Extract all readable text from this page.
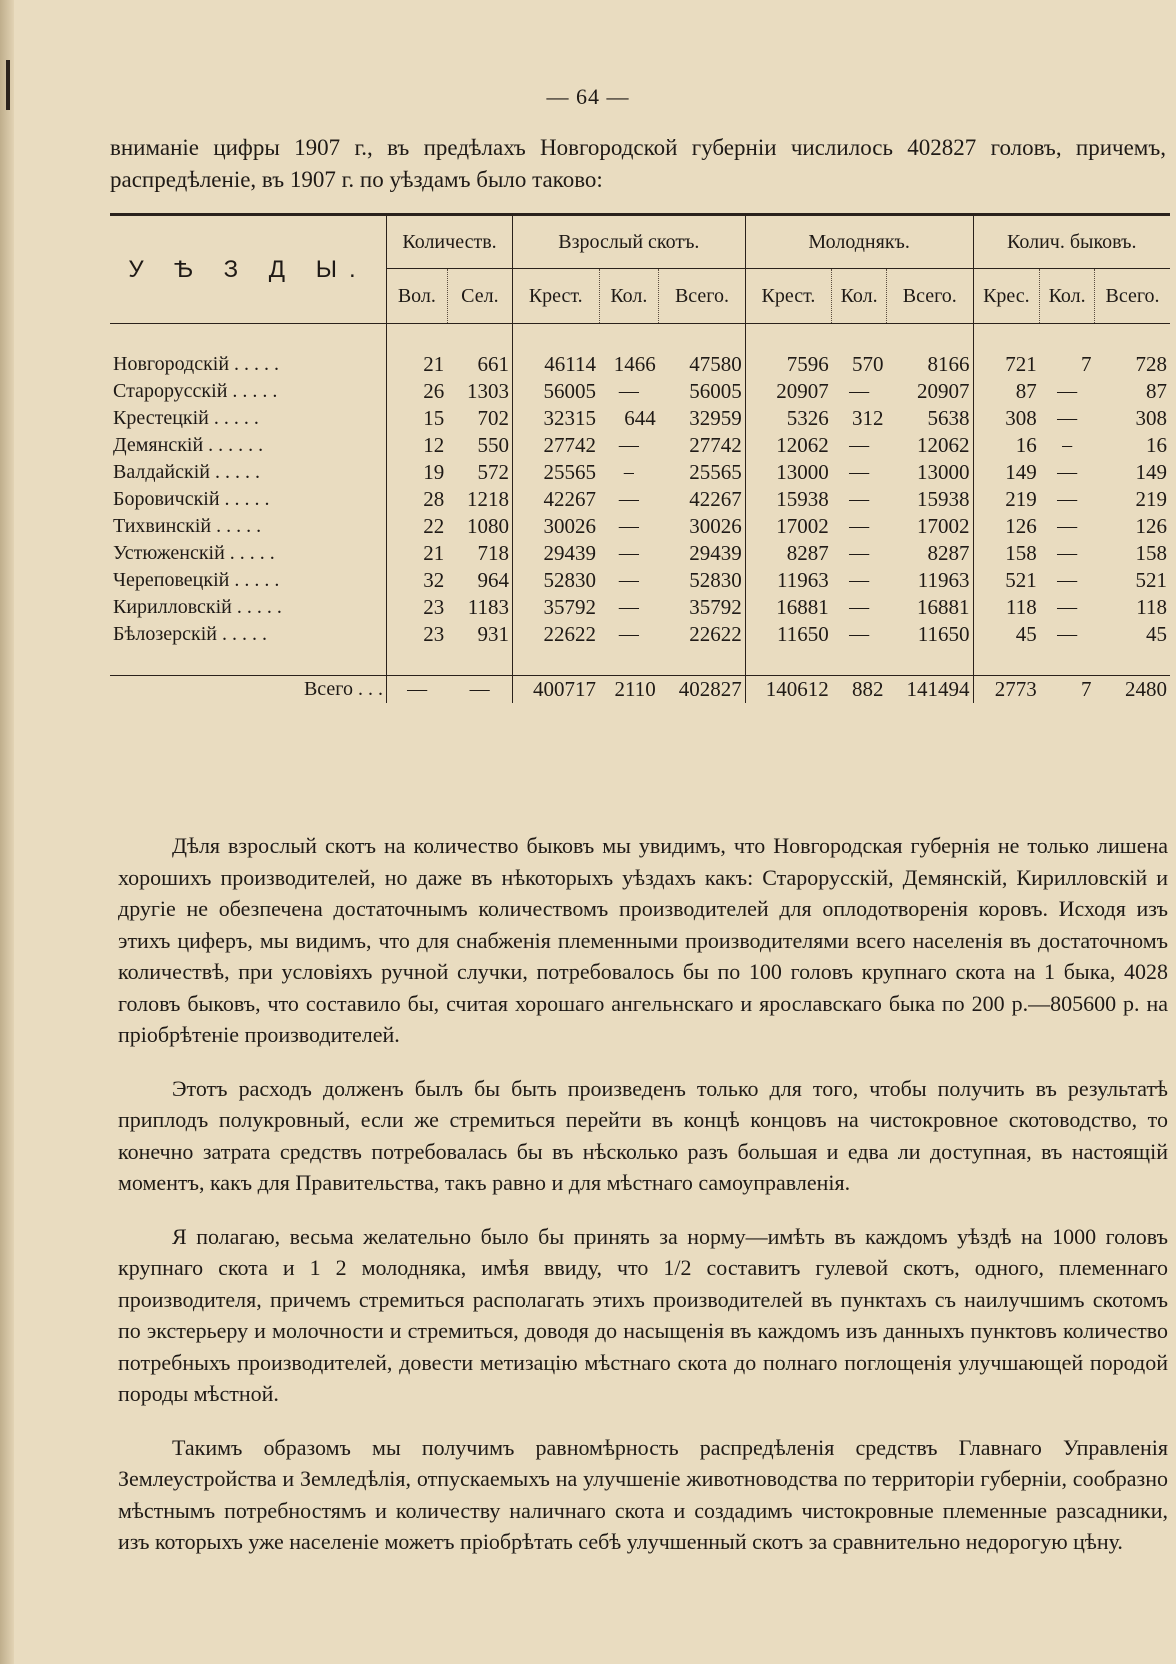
— 64 —

вниманіе цифры 1907 г., въ предѣлахъ Новгородской губерніи числилось 402827 головъ, причемъ, распредѣленіе, въ 1907 г. по уѣздамъ было таково:

У Ѣ З Д Ы.	Количеств.		Взрослый скотъ.			Молоднякъ.			Колич. быковъ.		
	Вол.	Сел.	Крест.	Кол.	Всего.	Крест.	Кол.	Всего.	Крес.	Кол.	Всего.

Новгородскій . . . . .	21	661	46114	1466	47580	7596	570	8166	721	7	728
Старорусскій . . . . .	26	1303	56005	—	56005	20907	—	20907	87	—	87
Крестецкій . . . . .	15	702	32315	644	32959	5326	312	5638	308	—	308
Демянскій . . . . . .	12	550	27742	—	27742	12062	—	12062	16	–	16
Валдайскій . . . . .	19	572	25565	–	25565	13000	—	13000	149	—	149
Боровичскій . . . . .	28	1218	42267	—	42267	15938	—	15938	219	—	219
Тихвинскій . . . . .	22	1080	30026	—	30026	17002	—	17002	126	—	126
Устюженскій . . . . .	21	718	29439	—	29439	8287	—	8287	158	—	158
Череповецкій . . . . .	32	964	52830	—	52830	11963	—	11963	521	—	521
Кирилловскій . . . . .	23	1183	35792	—	35792	16881	—	16881	118	—	118
Бѣлозерскій . . . . .	23	931	22622	—	22622	11650	—	11650	45	—	45

Всего . . .	—	—	400717	2110	402827	140612	882	141494	2773	7	2480

Дѣля взрослый скотъ на количество быковъ мы увидимъ, что Новгородская губернія не только лишена хорошихъ производителей, но даже въ нѣкоторыхъ уѣздахъ какъ: Старорусскій, Демянскій, Кирилловскій и другіе не обезпечена достаточнымъ количествомъ производителей для оплодотворенія коровъ. Исходя изъ этихъ циферъ, мы видимъ, что для снабженія племенными производителями всего населенія въ достаточномъ количествѣ, при условіяхъ ручной случки, потребовалось бы по 100 головъ крупнаго скота на 1 быка, 4028 головъ быковъ, что составило бы, считая хорошаго ангельнскаго и ярославскаго быка по 200 р.—805600 р. на пріобрѣтеніе производителей.

Этотъ расходъ долженъ былъ бы быть произведенъ только для того, чтобы получить въ результатѣ приплодъ полукровный, если же стремиться перейти въ концѣ концовъ на чистокровное скотоводство, то конечно затрата средствъ потребовалась бы въ нѣсколько разъ большая и едва ли доступная, въ настоящій моментъ, какъ для Правительства, такъ равно и для мѣстнаго самоуправленія.

Я полагаю, весьма желательно было бы принять за норму—имѣть въ каждомъ уѣздѣ на 1000 головъ крупнаго скота и 1 2 молодняка, имѣя ввиду, что 1/2 составитъ гулевой скотъ, одного, племеннаго производителя, причемъ стремиться располагать этихъ производителей въ пунктахъ съ наилучшимъ скотомъ по экстерьеру и молочности и стремиться, доводя до насыщенія въ каждомъ изъ данныхъ пунктовъ количество потребныхъ производителей, довести метизацію мѣстнаго скота до полнаго поглощенія улучшающей породой породы мѣстной.

Такимъ образомъ мы получимъ равномѣрность распредѣленія средствъ Главнаго Управленія Землеустройства и Земледѣлія, отпускаемыхъ на улучшеніе животноводства по территоріи губерніи, сообразно мѣстнымъ потребностямъ и количеству наличнаго скота и создадимъ чистокровные племенные разсадники, изъ которыхъ уже населеніе можетъ пріобрѣтать себѣ улучшенный скотъ за сравнительно недорогую цѣну.
